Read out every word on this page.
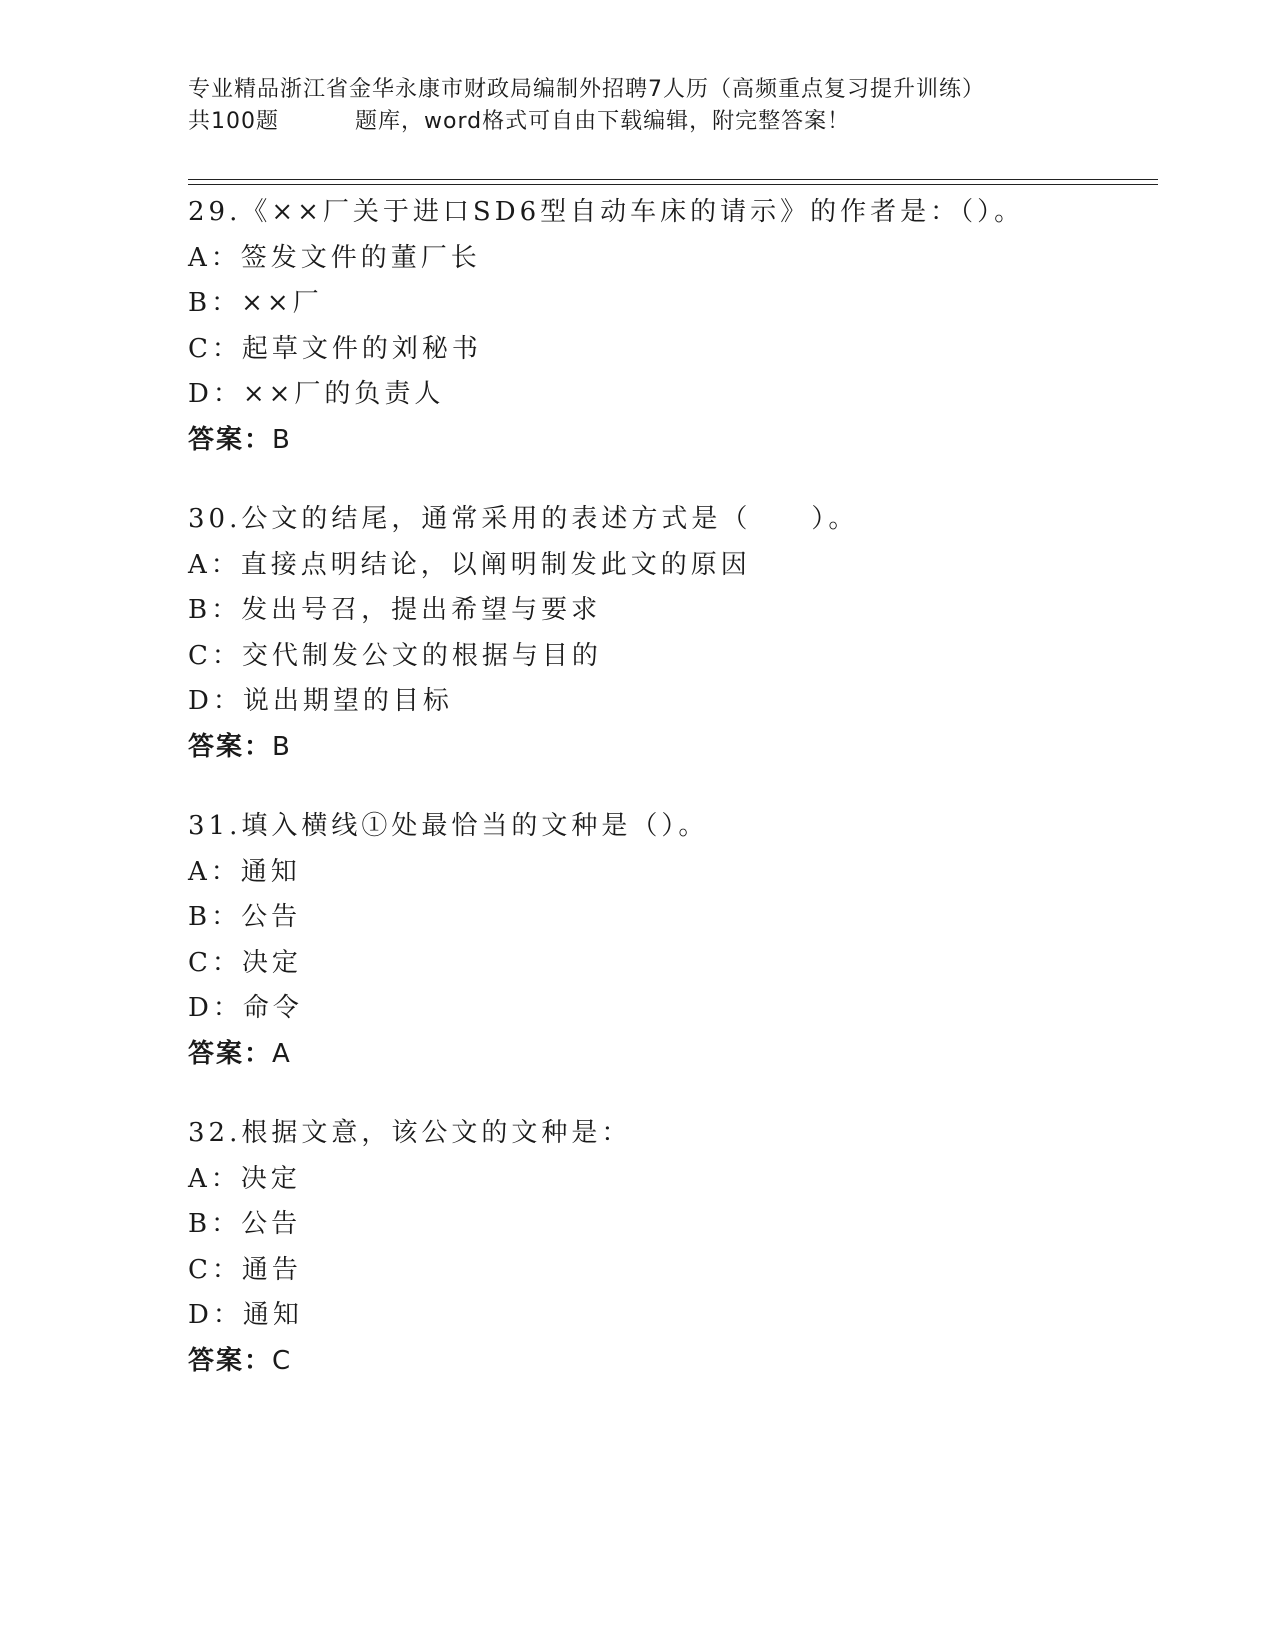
专业精品浙江省金华永康市财政局编制外招聘7人历（高频重点复习提升训练）
共100题	题库，word格式可自由下载编辑，附完整答案！
29.《××厂关于进口SD6型自动车床的请示》的作者是：（）。
A：签发文件的董厂长
B：××厂
C：起草文件的刘秘书
D：××厂的负责人
答案：B
30.公文的结尾，通常采用的表述方式是（　　）。
A：直接点明结论，以阐明制发此文的原因
B：发出号召，提出希望与要求
C：交代制发公文的根据与目的
D：说出期望的目标
答案：B
31.填入横线①处最恰当的文种是（）。
A：通知
B：公告
C：决定
D：命令
答案：A
32.根据文意，该公文的文种是：
A：决定
B：公告
C：通告
D：通知
答案：C
